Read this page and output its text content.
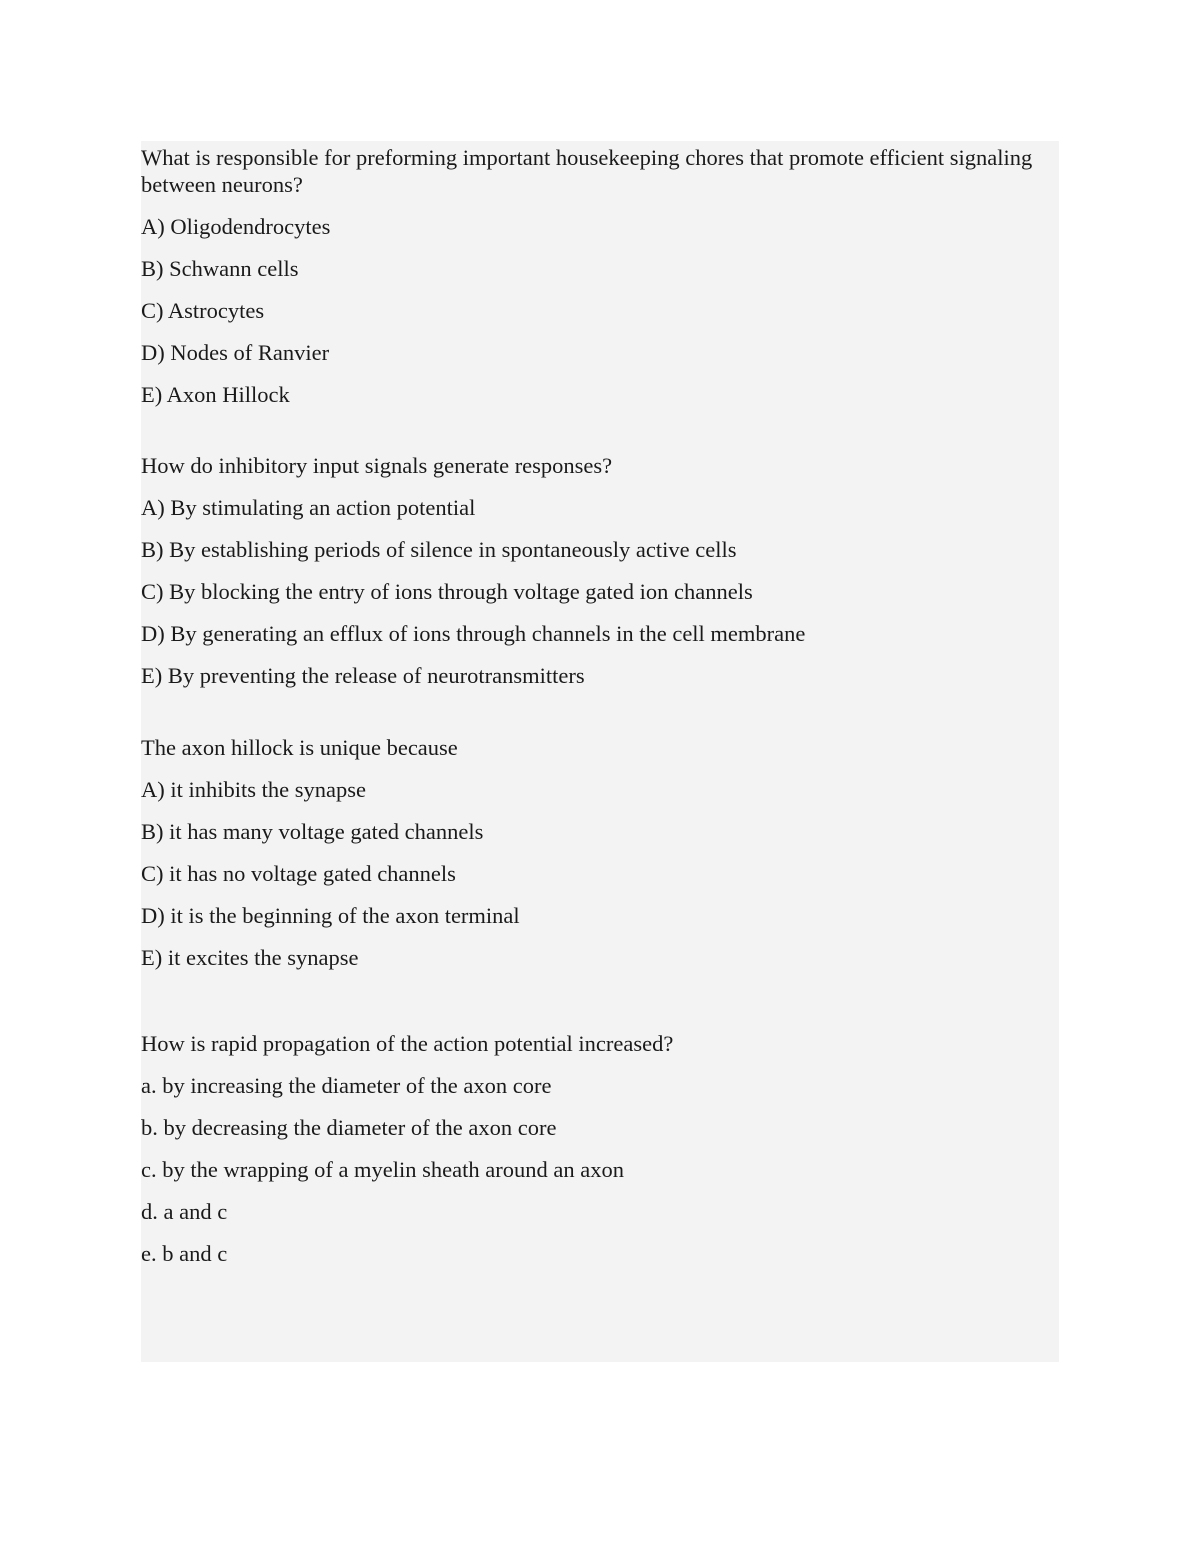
What is responsible for preforming important housekeeping chores that promote efficient signaling between neurons?

A) Oligodendrocytes

B) Schwann cells

C) Astrocytes

D) Nodes of Ranvier

E) Axon Hillock

How do inhibitory input signals generate responses?

A) By stimulating an action potential

B) By establishing periods of silence in spontaneously active cells

C) By blocking the entry of ions through voltage gated ion channels

D) By generating an efflux of ions through channels in the cell membrane

E) By preventing the release of neurotransmitters

The axon hillock is unique because

A) it inhibits the synapse

B) it has many voltage gated channels

C) it has no voltage gated channels

D) it is the beginning of the axon terminal

E) it excites the synapse

How is rapid propagation of the action potential increased?

a. by increasing the diameter of the axon core

b. by decreasing the diameter of the axon core

c. by the wrapping of a myelin sheath around an axon

d. a and c

e. b and c
